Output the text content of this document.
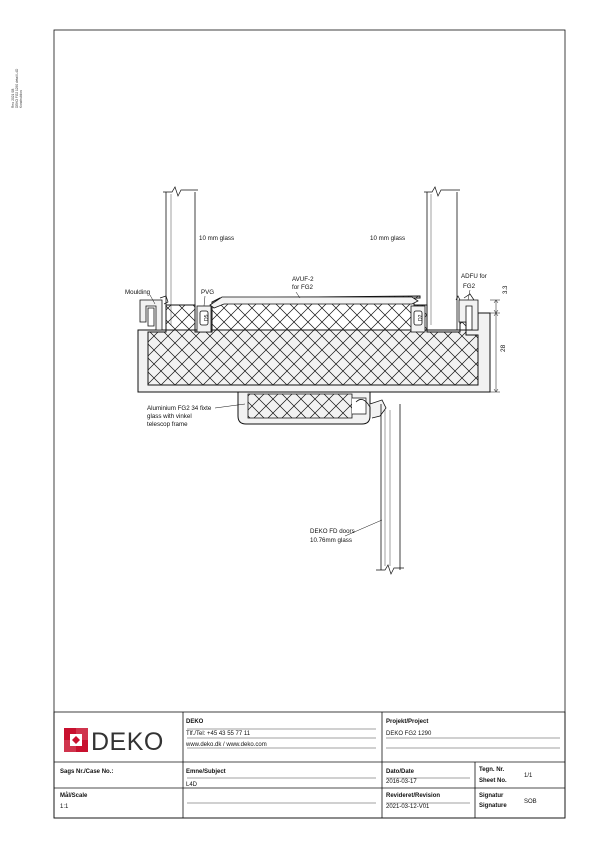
Rev. 2021 SB DEKO FG2 1290 detail L4D Konstruktion
10 mm glass	10 mm glass
Moulding	PVG
AVUF-2
for FG2
ADFU for
FG2
Aluminium FG2 34 fixte
glass with vinkel
telescop frame
DEKO FD doors
10.76mm glass
D5	D2
3.3
28
DEKO
DEKO
Tlf./Tel: +45 43 55 77 11
www.deko.dk / www.deko.com
Projekt/Project
DEKO FG2 1290
Sags Nr./Case No.:	Emne/Subject
L4D
Dato/Date
2016-03-17
Tegn. Nr.
Sheet No.
1/1
Mål/Scale
1:1
Revideret/Revision
2021-03-12-V01
Signatur
Signature
SOB
